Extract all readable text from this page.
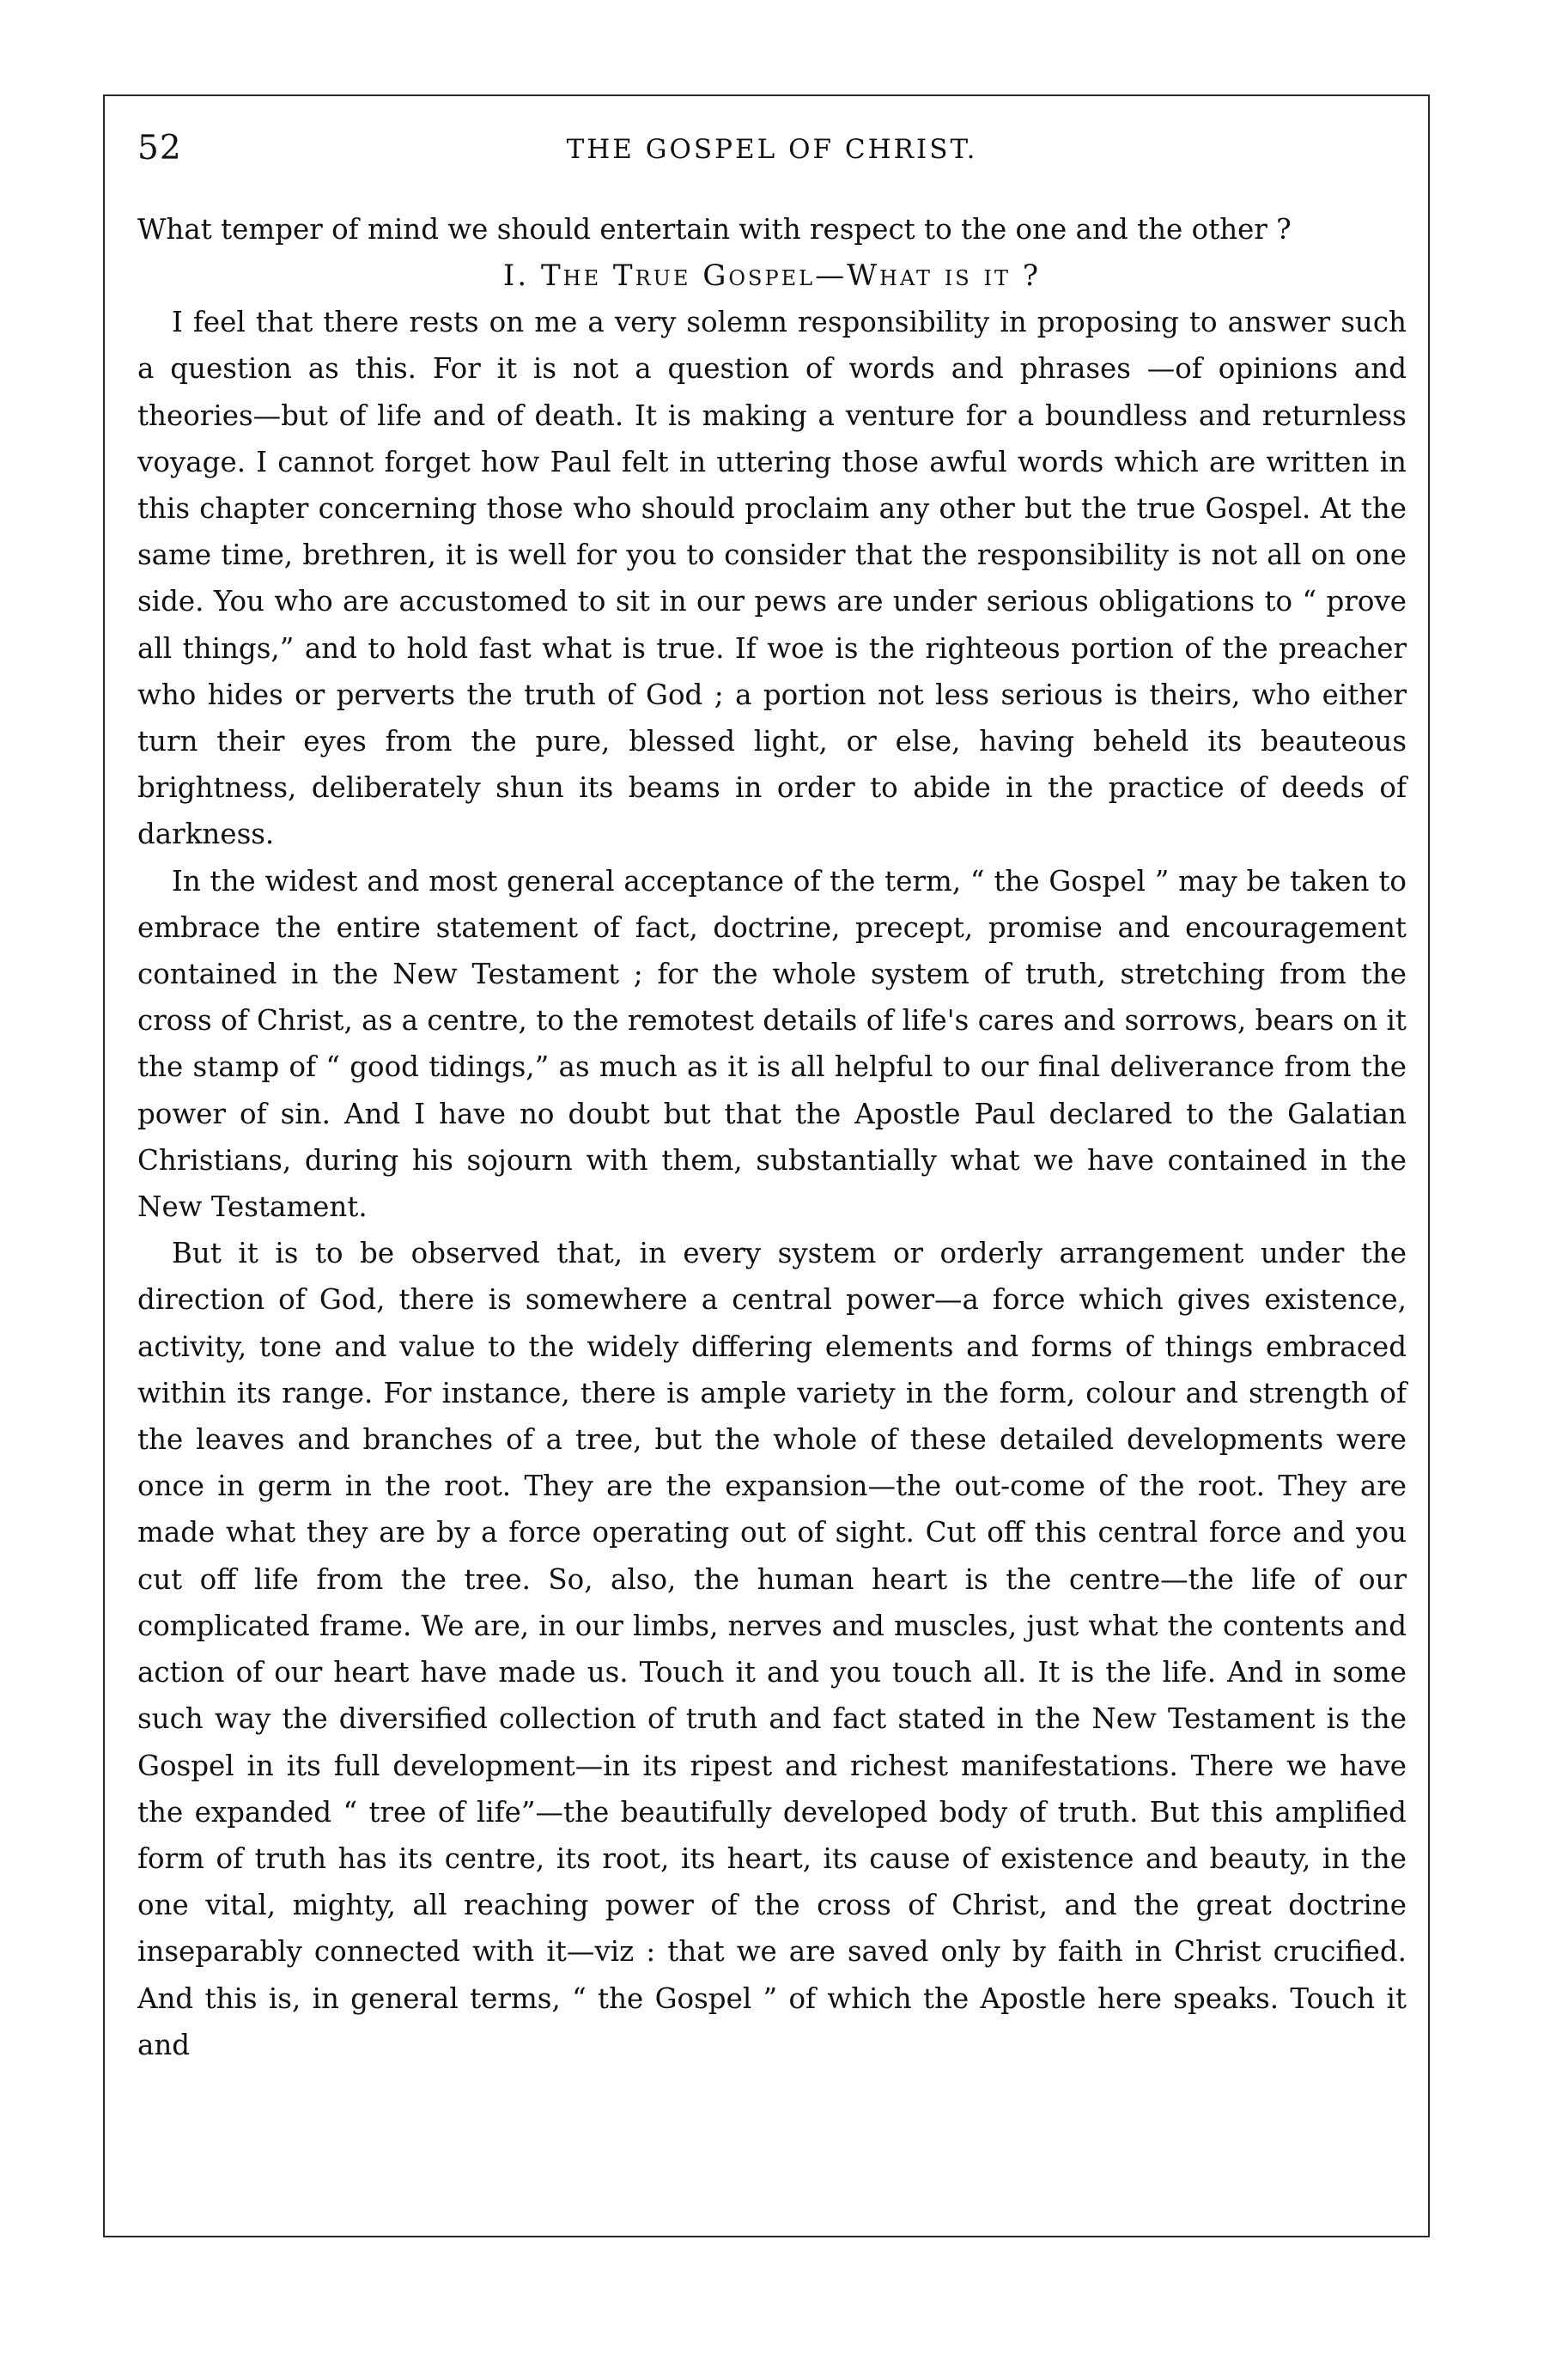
52	THE GOSPEL OF CHRIST.

What temper of mind we should entertain with respect to the one and the other ?

I. The True Gospel—What is it ?

I feel that there rests on me a very solemn responsibility in proposing to answer such a question as this. For it is not a question of words and phrases —of opinions and theories—but of life and of death. It is making a venture for a boundless and returnless voyage. I cannot forget how Paul felt in uttering those awful words which are written in this chapter concerning those who should proclaim any other but the true Gospel. At the same time, brethren, it is well for you to consider that the responsibility is not all on one side. You who are accustomed to sit in our pews are under serious obligations to “ prove all things,” and to hold fast what is true. If woe is the righteous portion of the preacher who hides or perverts the truth of God ; a portion not less serious is theirs, who either turn their eyes from the pure, blessed light, or else, having beheld its beauteous brightness, deliberately shun its beams in order to abide in the practice of deeds of darkness.

In the widest and most general acceptance of the term, “ the Gospel ” may be taken to embrace the entire statement of fact, doctrine, precept, promise and encouragement contained in the New Testament ; for the whole system of truth, stretching from the cross of Christ, as a centre, to the remotest details of life's cares and sorrows, bears on it the stamp of “ good tidings,” as much as it is all helpful to our final deliverance from the power of sin. And I have no doubt but that the Apostle Paul declared to the Galatian Christians, during his sojourn with them, substantially what we have contained in the New Testament.

But it is to be observed that, in every system or orderly arrangement under the direction of God, there is somewhere a central power—a force which gives existence, activity, tone and value to the widely differing elements and forms of things embraced within its range. For instance, there is ample variety in the form, colour and strength of the leaves and branches of a tree, but the whole of these detailed developments were once in germ in the root. They are the expansion—the out-come of the root. They are made what they are by a force operating out of sight. Cut off this central force and you cut off life from the tree. So, also, the human heart is the centre—the life of our complicated frame. We are, in our limbs, nerves and muscles, just what the contents and action of our heart have made us. Touch it and you touch all. It is the life. And in some such way the diversified collection of truth and fact stated in the New Testament is the Gospel in its full development—in its ripest and richest manifestations. There we have the expanded “ tree of life”—the beautifully developed body of truth. But this amplified form of truth has its centre, its root, its heart, its cause of existence and beauty, in the one vital, mighty, all reaching power of the cross of Christ, and the great doctrine inseparably connected with it—viz : that we are saved only by faith in Christ crucified. And this is, in general terms, “ the Gospel ” of which the Apostle here speaks. Touch it and
